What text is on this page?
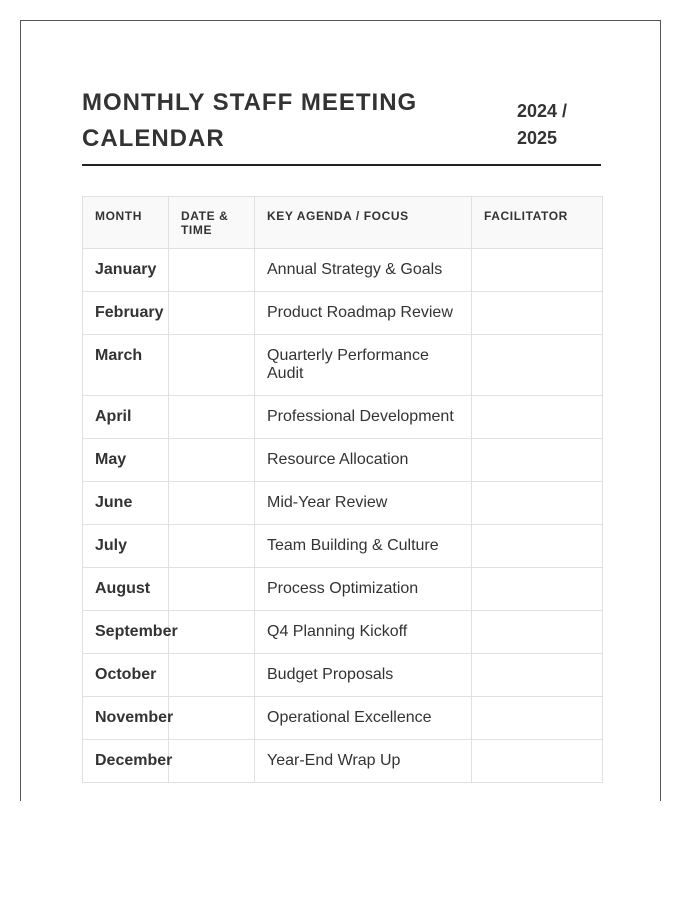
MONTHLY STAFF MEETING CALENDAR
2024 / 2025
MONTH	DATE & TIME	KEY AGENDA / FOCUS	FACILITATOR
January		Annual Strategy & Goals	
February		Product Roadmap Review	
March		Quarterly Performance Audit	
April		Professional Development	
May		Resource Allocation	
June		Mid-Year Review	
July		Team Building & Culture	
August		Process Optimization	
September		Q4 Planning Kickoff	
October		Budget Proposals	
November		Operational Excellence	
December		Year-End Wrap Up	
